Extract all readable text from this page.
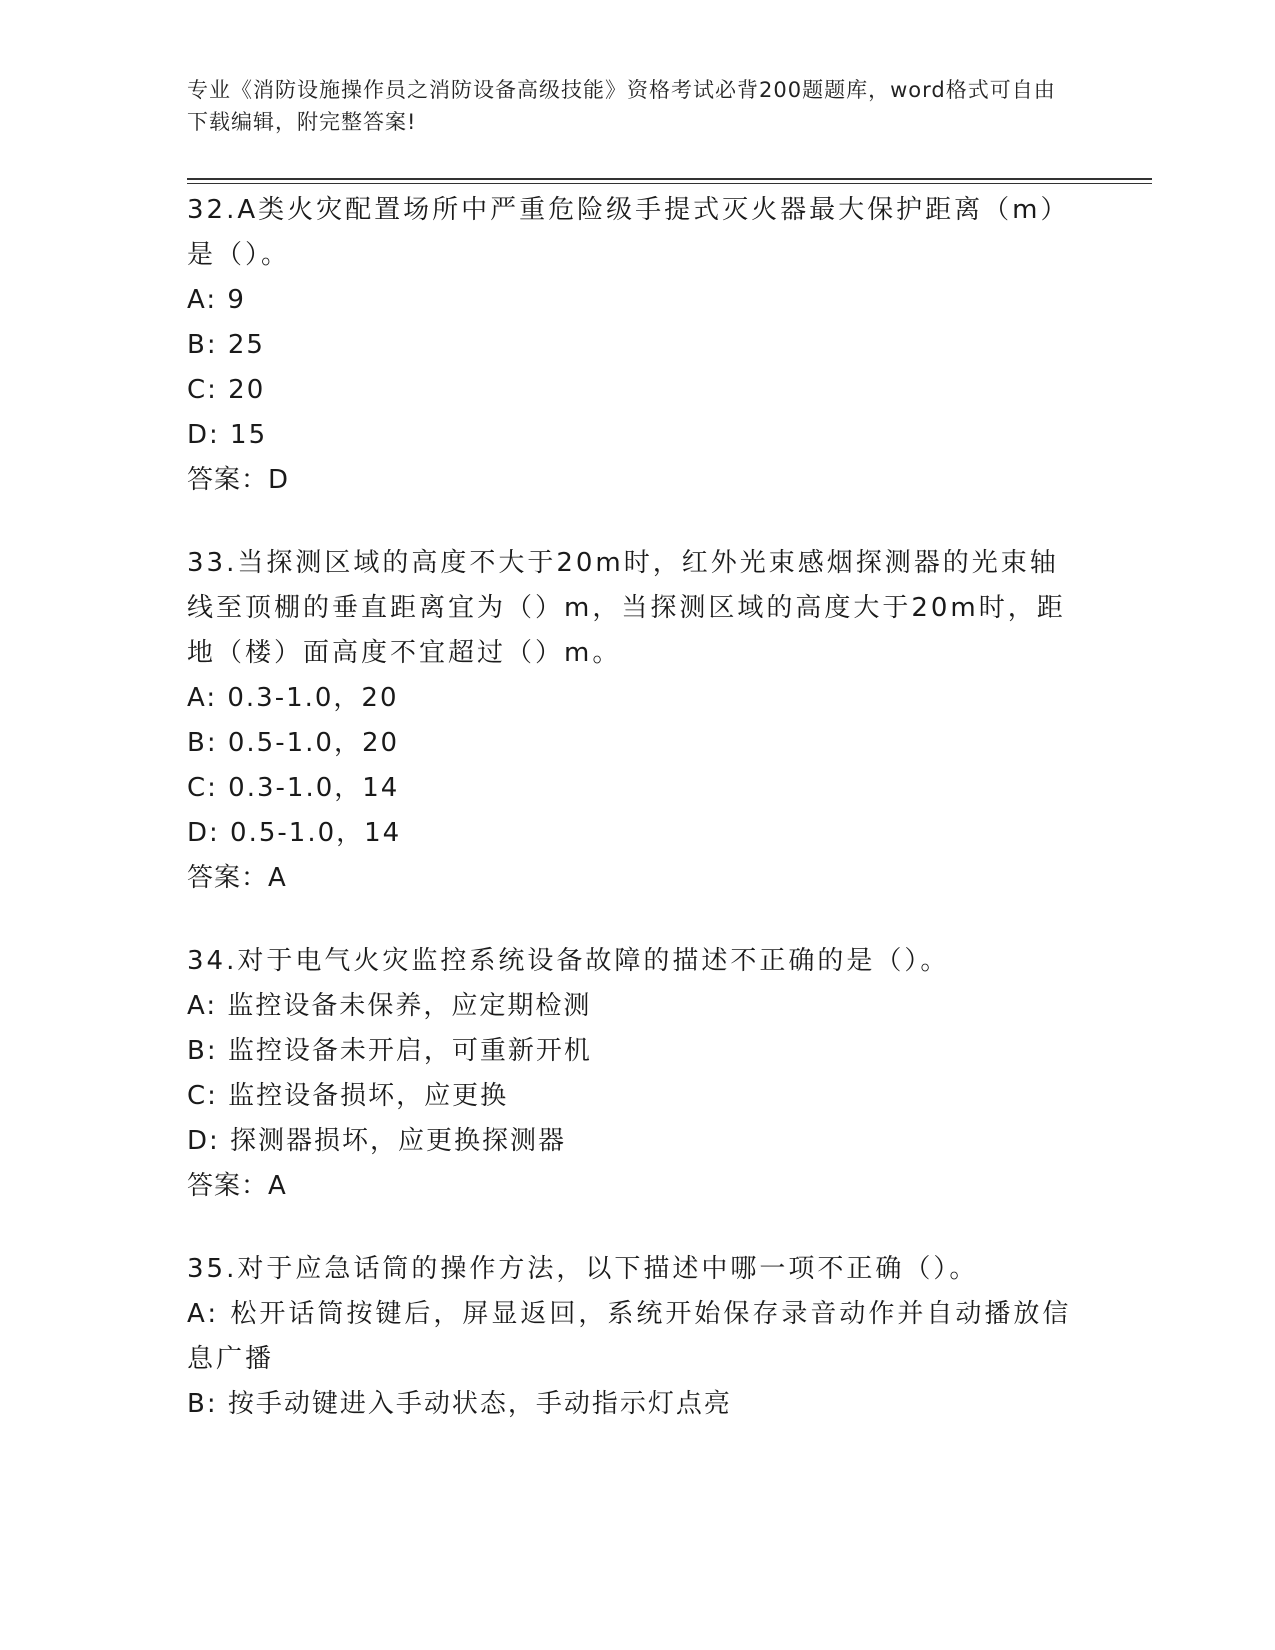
专业《消防设施操作员之消防设备高级技能》资格考试必背200题题库，word格式可自由下载编辑，附完整答案!

32.A类火灾配置场所中严重危险级手提式灭火器最大保护距离（m）是（）。

A: 9

B: 25

C: 20

D: 15

答案：D

33.当探测区域的高度不大于20m时，红外光束感烟探测器的光束轴线至顶棚的垂直距离宜为（）m，当探测区域的高度大于20m时，距地（楼）面高度不宜超过（）m。

A: 0.3-1.0，20

B: 0.5-1.0，20

C: 0.3-1.0，14

D: 0.5-1.0，14

答案：A

34.对于电气火灾监控系统设备故障的描述不正确的是（）。

A: 监控设备未保养，应定期检测

B: 监控设备未开启，可重新开机

C: 监控设备损坏，应更换

D: 探测器损坏，应更换探测器

答案：A

35.对于应急话筒的操作方法，以下描述中哪一项不正确（）。

A: 松开话筒按键后，屏显返回，系统开始保存录音动作并自动播放信息广播

B: 按手动键进入手动状态，手动指示灯点亮
